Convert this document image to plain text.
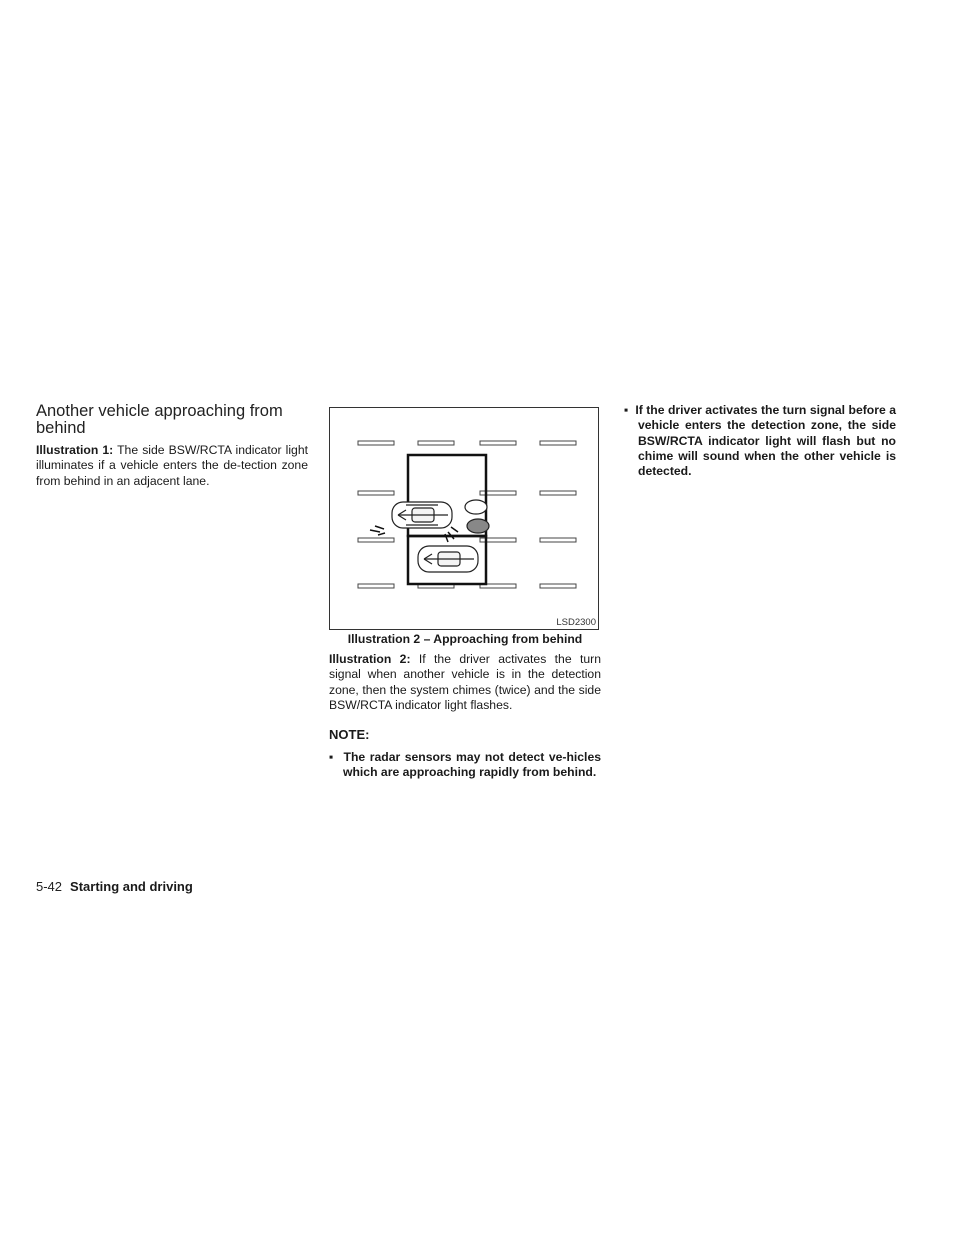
Another vehicle approaching from behind

Illustration 1: The side BSW/RCTA indicator light illuminates if a vehicle enters the de-tection zone from behind in an adjacent lane.

LSD2300
Illustration 2 – Approaching from behind

Illustration 2: If the driver activates the turn signal when another vehicle is in the detection zone, then the system chimes (twice) and the side BSW/RCTA indicator light flashes.

NOTE:

▪  The radar sensors may not detect ve-hicles which are approaching rapidly from behind.

▪  If the driver activates the turn signal before a vehicle enters the detection zone, the side BSW/RCTA indicator light will flash but no chime will sound when the other vehicle is detected.

5-42 Starting and driving
